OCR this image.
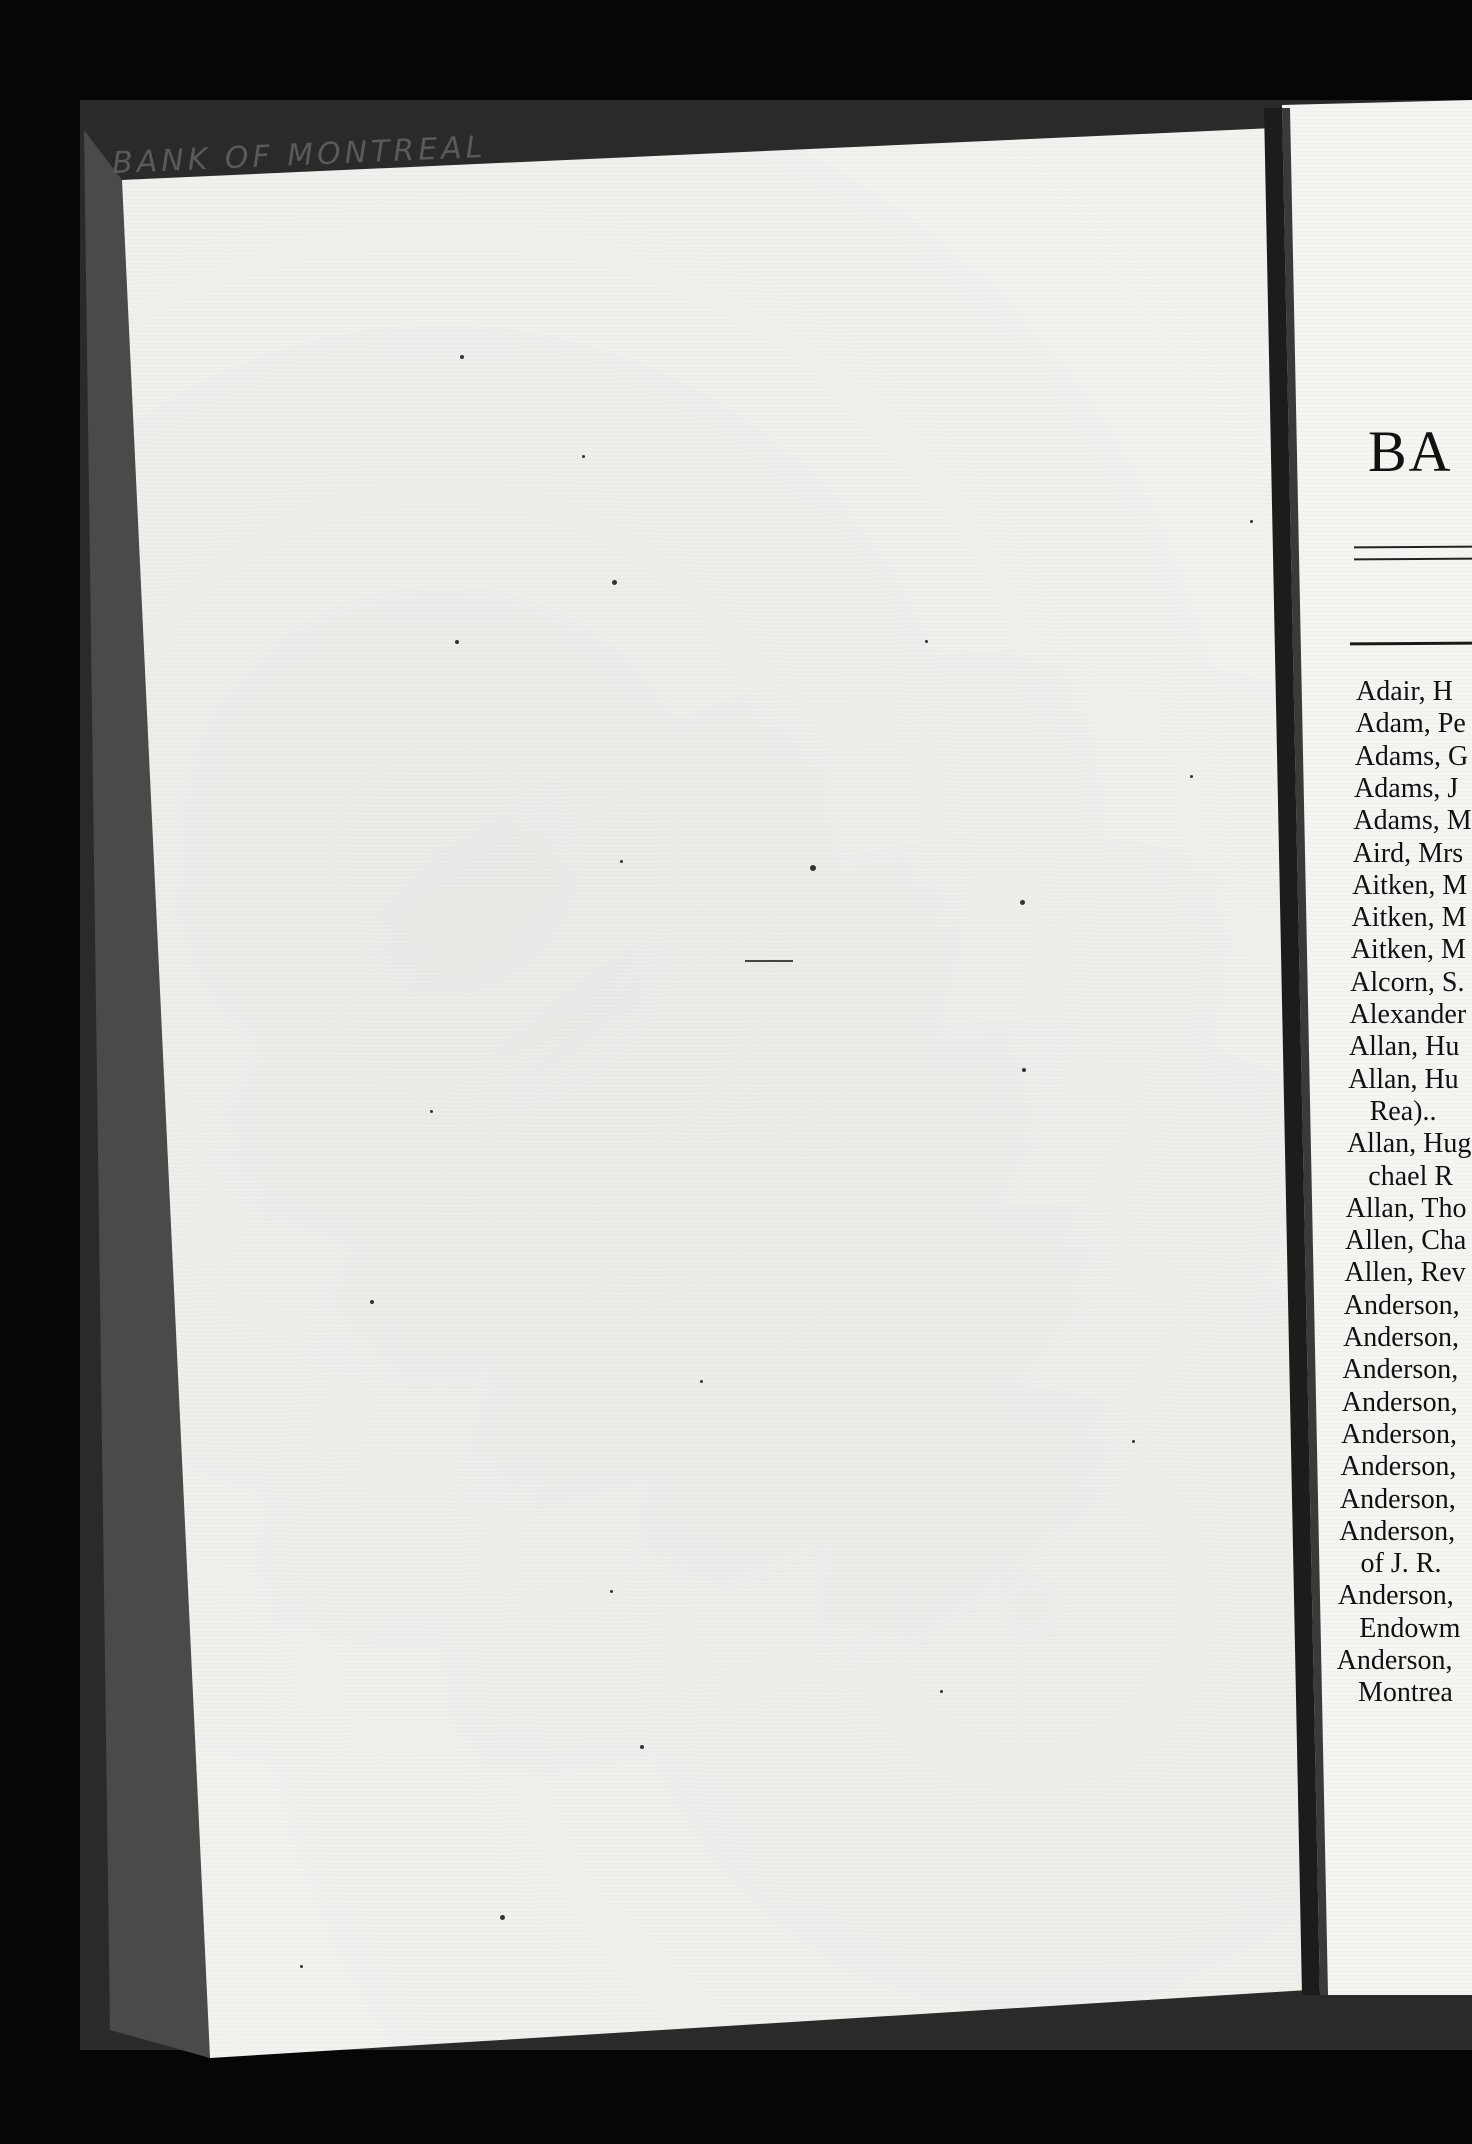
BANK OF MONTREAL
BA
Adair, H
Adam, Pe
Adams, G
Adams, J
Adams, M
Aird, Mrs
Aitken, M
Aitken, M
Aitken, M
Alcorn, S.
Alexander
Allan, Hu
Allan, Hu
Rea)..
Allan, Hug
chael R
Allan, Tho
Allen, Cha
Allen, Rev
Anderson,
Anderson,
Anderson,
Anderson,
Anderson,
Anderson,
Anderson,
Anderson,
of J. R.
Anderson,
Endowm
Anderson,
Montrea
